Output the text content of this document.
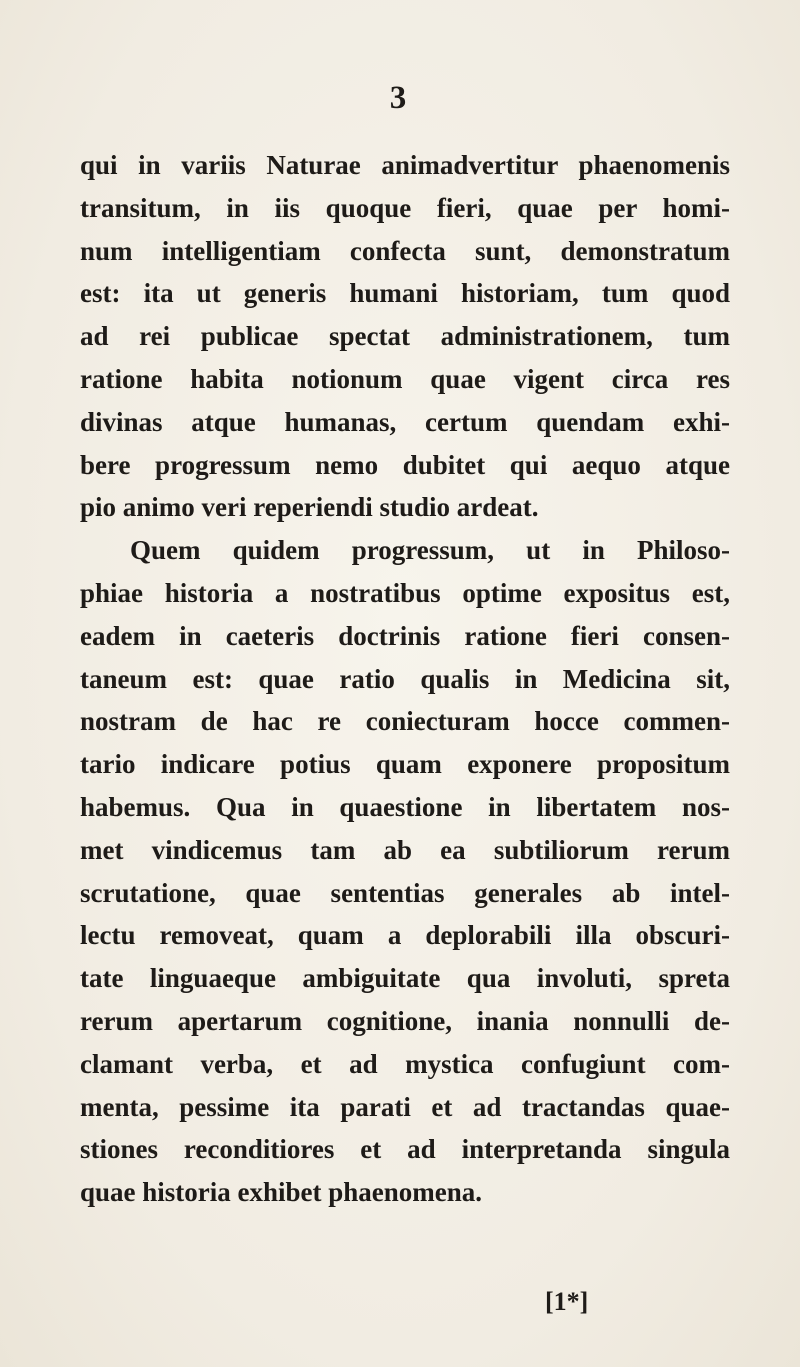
3
qui in variis Naturae animadvertitur phaenomenis
transitum, in iis quoque fieri, quae per homi-
num intelligentiam confecta sunt, demonstratum
est: ita ut generis humani historiam, tum quod
ad rei publicae spectat administrationem, tum
ratione habita notionum quae vigent circa res
divinas atque humanas, certum quendam exhi-
bere progressum nemo dubitet qui aequo atque
pio animo veri reperiendi studio ardeat.
Quem quidem progressum, ut in Philoso-
phiae historia a nostratibus optime expositus est,
eadem in caeteris doctrinis ratione fieri consen-
taneum est: quae ratio qualis in Medicina sit,
nostram de hac re coniecturam hocce commen-
tario indicare potius quam exponere propositum
habemus. Qua in quaestione in libertatem nos-
met vindicemus tam ab ea subtiliorum rerum
scrutatione, quae sententias generales ab intel-
lectu removeat, quam a deplorabili illa obscuri-
tate linguaeque ambiguitate qua involuti, spreta
rerum apertarum cognitione, inania nonnulli de-
clamant verba, et ad mystica confugiunt com-
menta, pessime ita parati et ad tractandas quae-
stiones reconditiores et ad interpretanda singula
quae historia exhibet phaenomena.
[1*]
